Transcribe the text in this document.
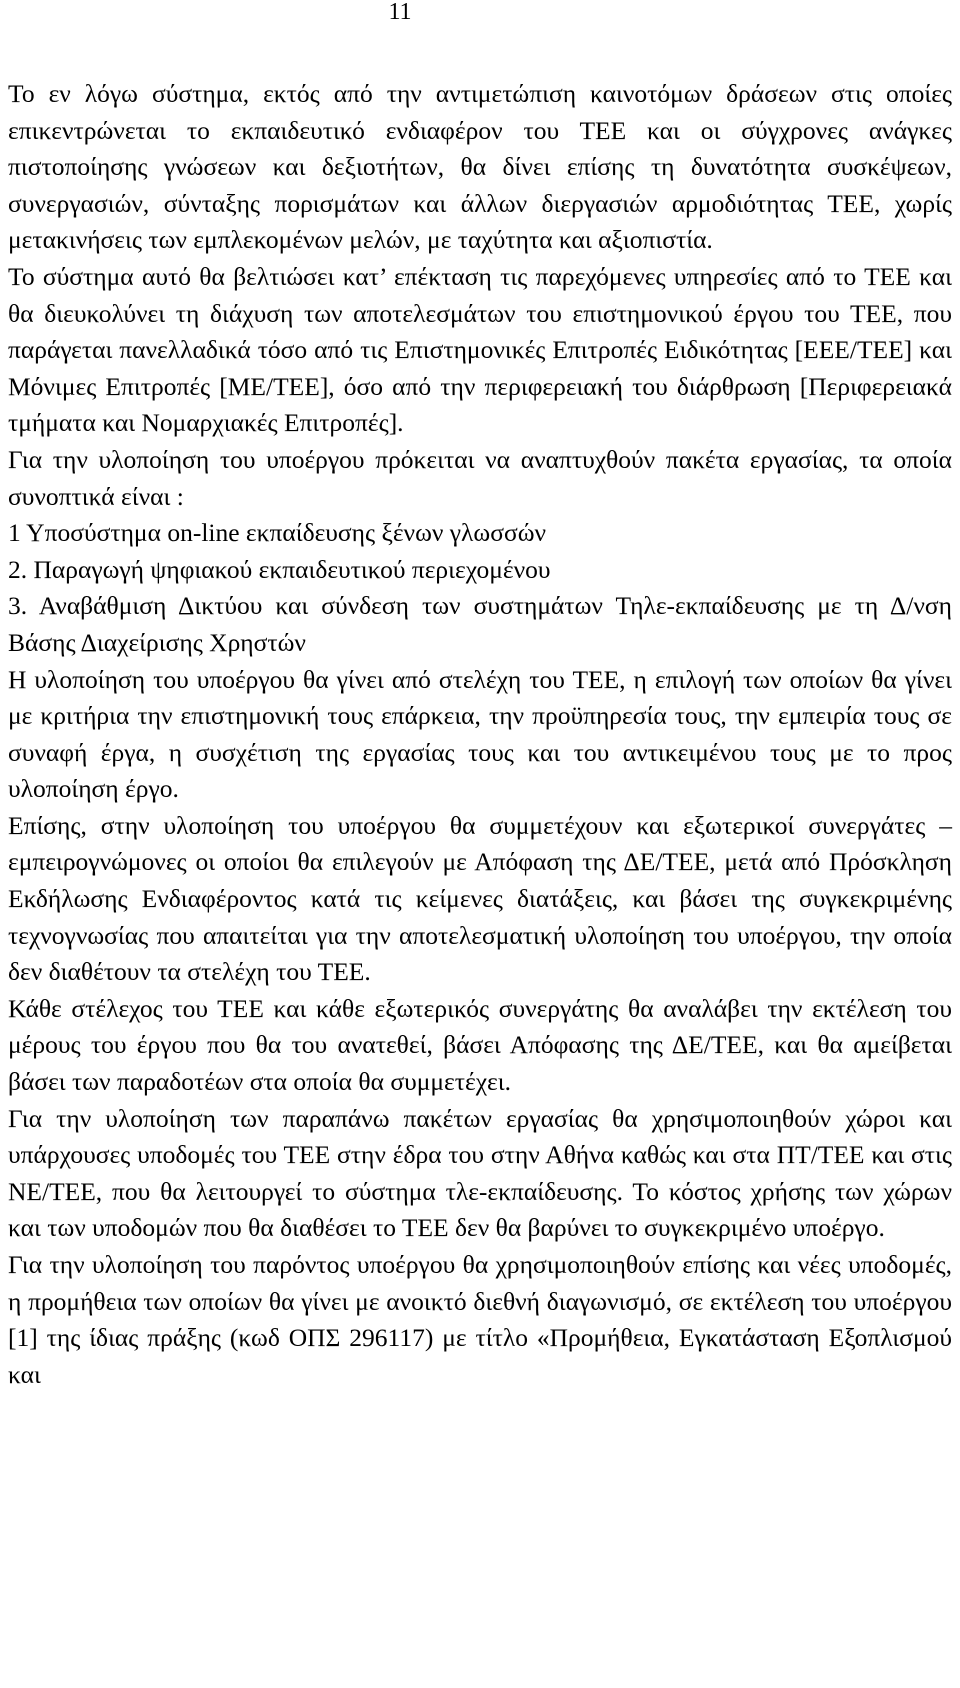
11

Το εν λόγω σύστημα, εκτός από την αντιμετώπιση καινοτόμων δράσεων στις οποίες επικεντρώνεται το εκπαιδευτικό ενδιαφέρον του ΤΕΕ και οι σύγχρονες ανάγκες πιστοποίησης γνώσεων και δεξιοτήτων, θα δίνει επίσης τη δυνατότητα συσκέψεων, συνεργασιών, σύνταξης πορισμάτων και άλλων διεργασιών αρμοδιότητας ΤΕΕ, χωρίς μετακινήσεις των εμπλεκομένων μελών, με ταχύτητα και αξιοπιστία.

Το σύστημα αυτό θα βελτιώσει κατ’ επέκταση τις παρεχόμενες υπηρεσίες από το ΤΕΕ και θα διευκολύνει τη διάχυση των αποτελεσμάτων του επιστημονικού έργου του ΤΕΕ, που παράγεται πανελλαδικά τόσο από τις Επιστημονικές Επιτροπές Ειδικότητας [ΕΕΕ/ΤΕΕ] και Μόνιμες Επιτροπές [ΜΕ/ΤΕΕ], όσο από την περιφερειακή του διάρθρωση [Περιφερειακά τμήματα και Νομαρχιακές Επιτροπές].

Για την υλοποίηση του υποέργου πρόκειται να αναπτυχθούν πακέτα εργασίας, τα οποία συνοπτικά είναι :

1 Υποσύστημα on-line εκπαίδευσης ξένων γλωσσών

2. Παραγωγή ψηφιακού εκπαιδευτικού περιεχομένου

3. Αναβάθμιση Δικτύου και σύνδεση των συστημάτων Τηλε-εκπαίδευσης με τη Δ/νση Βάσης Διαχείρισης Χρηστών

Η υλοποίηση του υποέργου θα γίνει από στελέχη του ΤΕΕ, η επιλογή των οποίων θα γίνει με κριτήρια την επιστημονική τους επάρκεια, την προϋπηρεσία τους, την εμπειρία τους σε συναφή έργα, η συσχέτιση της εργασίας τους και του αντικειμένου τους με το προς υλοποίηση έργο.

Επίσης, στην υλοποίηση του υποέργου θα συμμετέχουν και εξωτερικοί συνεργάτες – εμπειρογνώμονες οι οποίοι θα επιλεγούν με Απόφαση της ΔΕ/ΤΕΕ, μετά από Πρόσκληση Εκδήλωσης Ενδιαφέροντος κατά τις κείμενες διατάξεις, και βάσει της συγκεκριμένης τεχνογνωσίας που απαιτείται για την αποτελεσματική υλοποίηση του υποέργου, την οποία δεν διαθέτουν τα στελέχη του ΤΕΕ.

Κάθε στέλεχος του ΤΕΕ και κάθε εξωτερικός συνεργάτης θα αναλάβει την εκτέλεση του μέρους του έργου που θα του ανατεθεί, βάσει Απόφασης της ΔΕ/ΤΕΕ, και θα αμείβεται βάσει των παραδοτέων στα οποία θα συμμετέχει.

Για την υλοποίηση των παραπάνω πακέτων εργασίας θα χρησιμοποιηθούν χώροι και υπάρχουσες υποδομές του ΤΕΕ στην έδρα του στην Αθήνα καθώς και στα ΠΤ/ΤΕΕ και στις ΝΕ/ΤΕΕ, που θα λειτουργεί το σύστημα τλε-εκπαίδευσης. Το κόστος χρήσης των χώρων και των υποδομών που θα διαθέσει το ΤΕΕ δεν θα βαρύνει το συγκεκριμένο υποέργο.

Για την υλοποίηση του παρόντος υποέργου θα χρησιμοποιηθούν επίσης και νέες υποδομές, η προμήθεια των οποίων θα γίνει με ανοικτό διεθνή διαγωνισμό, σε εκτέλεση του υποέργου [1] της ίδιας πράξης (κωδ ΟΠΣ 296117) με τίτλο «Προμήθεια, Εγκατάσταση Εξοπλισμού και
